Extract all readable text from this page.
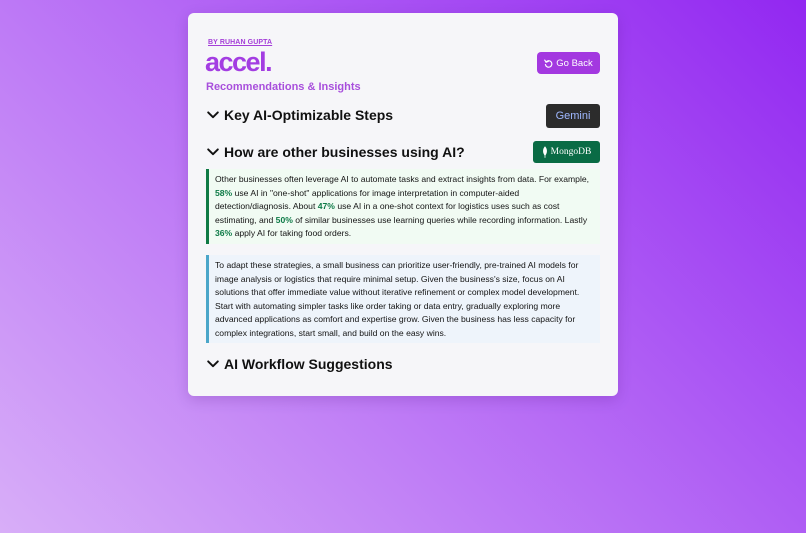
BY RUHAN GUPTA
accel.
Recommendations & Insights
Go Back
Key AI-Optimizable Steps	Gemini
How are other businesses using AI?	MongoDB
Other businesses often leverage AI to automate tasks and extract insights from data. For example, 58% use AI in "one-shot" applications for image interpretation in computer-aided detection/diagnosis. About 47% use AI in a one-shot context for logistics uses such as cost estimating, and 50% of similar businesses use learning queries while recording information. Lastly 36% apply AI for taking food orders.
To adapt these strategies, a small business can prioritize user-friendly, pre-trained AI models for image analysis or logistics that require minimal setup. Given the business's size, focus on AI solutions that offer immediate value without iterative refinement or complex model development. Start with automating simpler tasks like order taking or data entry, gradually exploring more advanced applications as comfort and expertise grow. Given the business has less capacity for complex integrations, start small, and build on the easy wins.
AI Workflow Suggestions
